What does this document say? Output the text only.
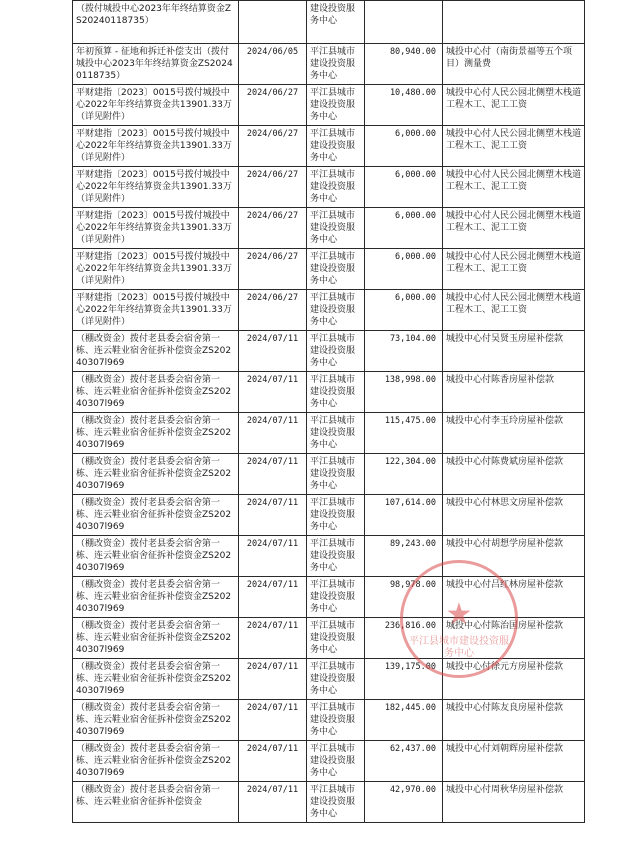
（拨付城投中心2023年年终结算资金ZS20240118735）		建设投资服务中心		
年初预算 - 征地和拆迁补偿支出（拨付城投中心2023年年终结算资金ZS20240118735）	2024/06/05	平江县城市建设投资服务中心	80,940.00	城投中心付（南街景福等五个项目）测量费
平财建指〔2023〕0015号拨付城投中心2022年年终结算资金共13901.33万（详见附件）	2024/06/27	平江县城市建设投资服务中心	10,480.00	城投中心付人民公园北侧塑木栈道工程木工、泥工工资
平财建指〔2023〕0015号拨付城投中心2022年年终结算资金共13901.33万（详见附件）	2024/06/27	平江县城市建设投资服务中心	6,000.00	城投中心付人民公园北侧塑木栈道工程木工、泥工工资
平财建指〔2023〕0015号拨付城投中心2022年年终结算资金共13901.33万（详见附件）	2024/06/27	平江县城市建设投资服务中心	6,000.00	城投中心付人民公园北侧塑木栈道工程木工、泥工工资
平财建指〔2023〕0015号拨付城投中心2022年年终结算资金共13901.33万（详见附件）	2024/06/27	平江县城市建设投资服务中心	6,000.00	城投中心付人民公园北侧塑木栈道工程木工、泥工工资
平财建指〔2023〕0015号拨付城投中心2022年年终结算资金共13901.33万（详见附件）	2024/06/27	平江县城市建设投资服务中心	6,000.00	城投中心付人民公园北侧塑木栈道工程木工、泥工工资
平财建指〔2023〕0015号拨付城投中心2022年年终结算资金共13901.33万（详见附件）	2024/06/27	平江县城市建设投资服务中心	6,000.00	城投中心付人民公园北侧塑木栈道工程木工、泥工工资
（棚改资金）拨付老县委会宿舍第一栋、连云鞋业宿舍征拆补偿资金ZS20240307l969	2024/07/11	平江县城市建设投资服务中心	73,104.00	城投中心付吴贤玉房屋补偿款
（棚改资金）拨付老县委会宿舍第一栋、连云鞋业宿舍征拆补偿资金ZS20240307l969	2024/07/11	平江县城市建设投资服务中心	138,998.00	城投中心付陈香房屋补偿款
（棚改资金）拨付老县委会宿舍第一栋、连云鞋业宿舍征拆补偿资金ZS20240307l969	2024/07/11	平江县城市建设投资服务中心	115,475.00	城投中心付李玉玲房屋补偿款
（棚改资金）拨付老县委会宿舍第一栋、连云鞋业宿舍征拆补偿资金ZS20240307l969	2024/07/11	平江县城市建设投资服务中心	122,304.00	城投中心付陈费斌房屋补偿款
（棚改资金）拨付老县委会宿舍第一栋、连云鞋业宿舍征拆补偿资金ZS20240307l969	2024/07/11	平江县城市建设投资服务中心	107,614.00	城投中心付林思文房屋补偿款
（棚改资金）拨付老县委会宿舍第一栋、连云鞋业宿舍征拆补偿资金ZS20240307l969	2024/07/11	平江县城市建设投资服务中心	89,243.00	城投中心付胡想学房屋补偿款
（棚改资金）拨付老县委会宿舍第一栋、连云鞋业宿舍征拆补偿资金ZS20240307l969	2024/07/11	平江县城市建设投资服务中心	98,978.00	城投中心付吕红林房屋补偿款
（棚改资金）拨付老县委会宿舍第一栋、连云鞋业宿舍征拆补偿资金ZS20240307l969	2024/07/11	平江县城市建设投资服务中心	236,816.00	城投中心付陈治国房屋补偿款
（棚改资金）拨付老县委会宿舍第一栋、连云鞋业宿舍征拆补偿资金ZS20240307l969	2024/07/11	平江县城市建设投资服务中心	139,175.00	城投中心付徐元方房屋补偿款
（棚改资金）拨付老县委会宿舍第一栋、连云鞋业宿舍征拆补偿资金ZS20240307l969	2024/07/11	平江县城市建设投资服务中心	182,445.00	城投中心付陈友良房屋补偿款
（棚改资金）拨付老县委会宿舍第一栋、连云鞋业宿舍征拆补偿资金ZS20240307l969	2024/07/11	平江县城市建设投资服务中心	62,437.00	城投中心付刘朝辉房屋补偿款
（棚改资金）拨付老县委会宿舍第一栋、连云鞋业宿舍征拆补偿资金	2024/07/11	平江县城市建设投资服务中心	42,970.00	城投中心付周秋华房屋补偿款
★
平江县城市建设投资服务中心
